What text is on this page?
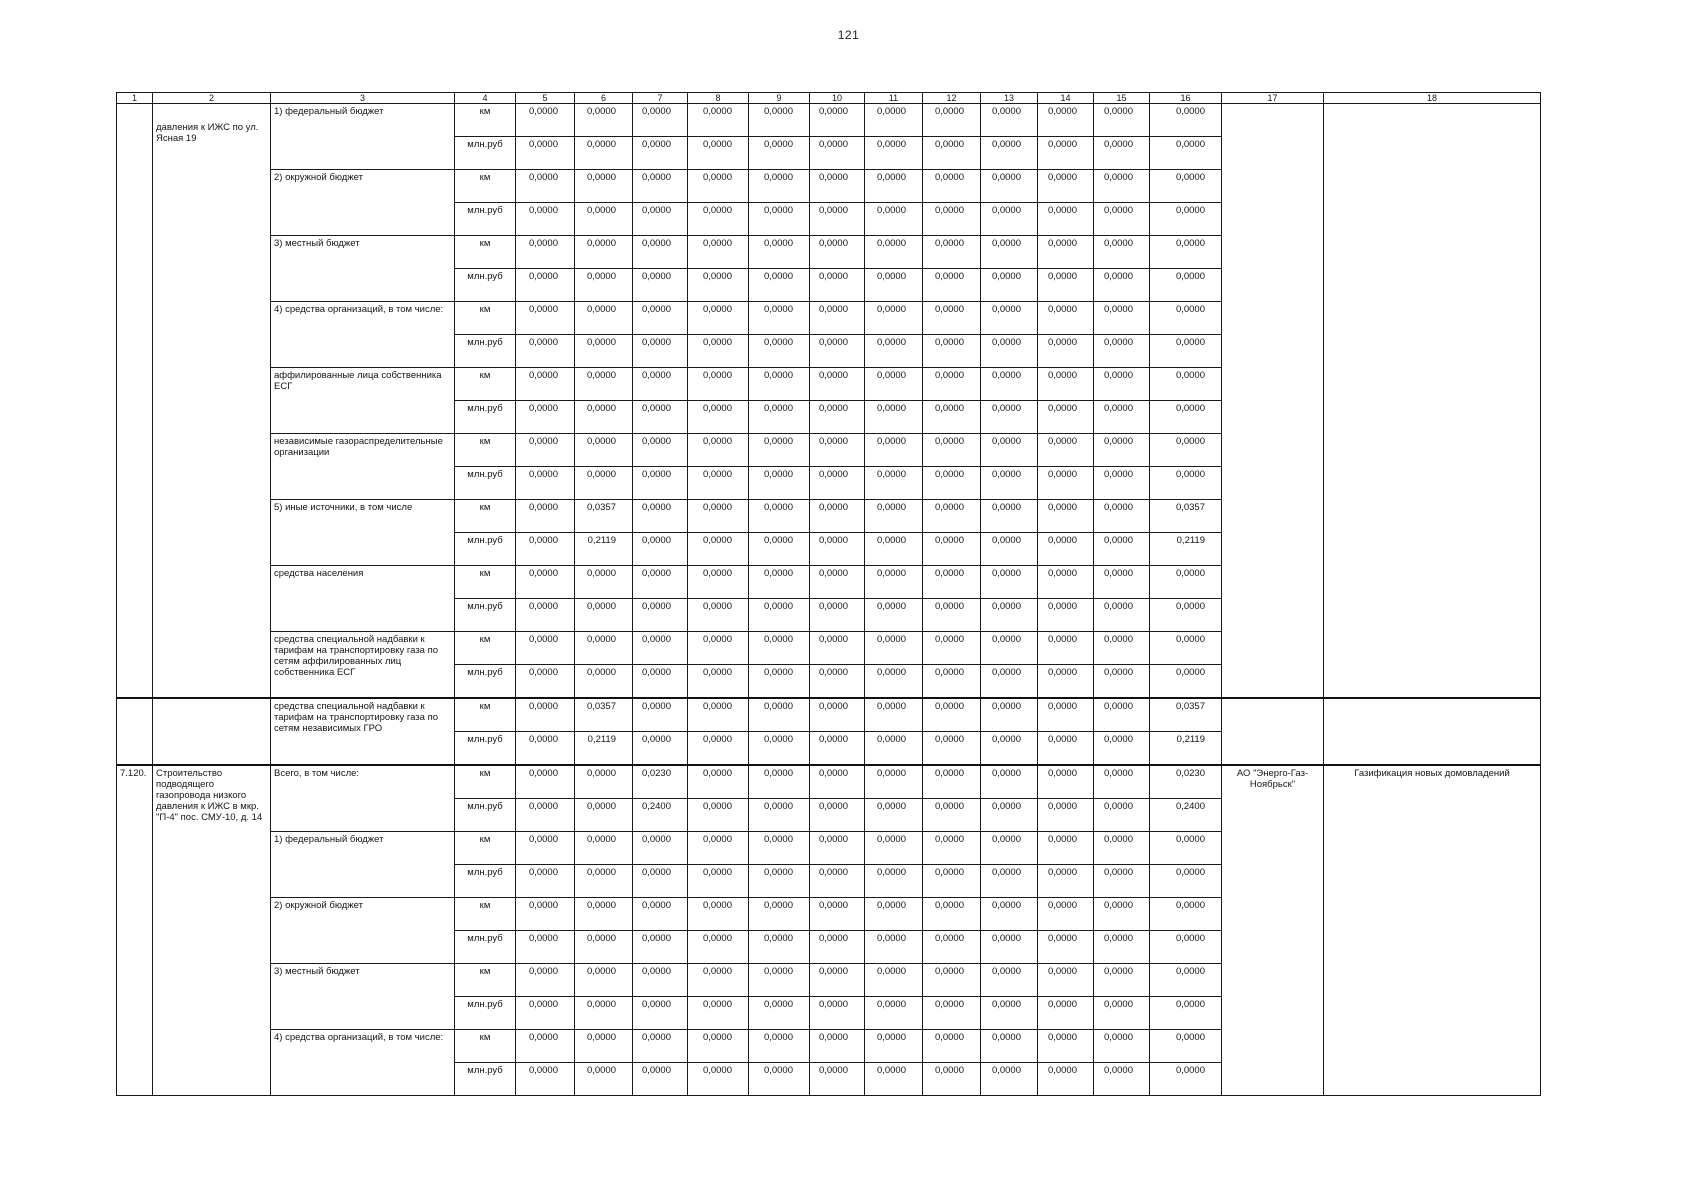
121
1	2	3	4	5	6	7	8	9	10	11	12	13	14	15	16	17	18
	давления к ИЖС по ул. Ясная 19	1) федеральный бюджет	км	0,0000	0,0000	0,0000	0,0000	0,0000	0,0000	0,0000	0,0000	0,0000	0,0000	0,0000	0,0000		
			млн.руб	0,0000	0,0000	0,0000	0,0000	0,0000	0,0000	0,0000	0,0000	0,0000	0,0000	0,0000	0,0000		
		2) окружной бюджет	км	0,0000	0,0000	0,0000	0,0000	0,0000	0,0000	0,0000	0,0000	0,0000	0,0000	0,0000	0,0000		
			млн.руб	0,0000	0,0000	0,0000	0,0000	0,0000	0,0000	0,0000	0,0000	0,0000	0,0000	0,0000	0,0000		
		3) местный бюджет	км	0,0000	0,0000	0,0000	0,0000	0,0000	0,0000	0,0000	0,0000	0,0000	0,0000	0,0000	0,0000		
			млн.руб	0,0000	0,0000	0,0000	0,0000	0,0000	0,0000	0,0000	0,0000	0,0000	0,0000	0,0000	0,0000		
		4) средства организаций, в том числе:	км	0,0000	0,0000	0,0000	0,0000	0,0000	0,0000	0,0000	0,0000	0,0000	0,0000	0,0000	0,0000		
			млн.руб	0,0000	0,0000	0,0000	0,0000	0,0000	0,0000	0,0000	0,0000	0,0000	0,0000	0,0000	0,0000		
		аффилированные лица собственника ЕСГ	км	0,0000	0,0000	0,0000	0,0000	0,0000	0,0000	0,0000	0,0000	0,0000	0,0000	0,0000	0,0000		
			млн.руб	0,0000	0,0000	0,0000	0,0000	0,0000	0,0000	0,0000	0,0000	0,0000	0,0000	0,0000	0,0000		
		независимые газораспределительные организации	км	0,0000	0,0000	0,0000	0,0000	0,0000	0,0000	0,0000	0,0000	0,0000	0,0000	0,0000	0,0000		
			млн.руб	0,0000	0,0000	0,0000	0,0000	0,0000	0,0000	0,0000	0,0000	0,0000	0,0000	0,0000	0,0000		
		5) иные источники, в том числе	км	0,0000	0,0357	0,0000	0,0000	0,0000	0,0000	0,0000	0,0000	0,0000	0,0000	0,0000	0,0357		
			млн.руб	0,0000	0,2119	0,0000	0,0000	0,0000	0,0000	0,0000	0,0000	0,0000	0,0000	0,0000	0,2119		
		средства населения	км	0,0000	0,0000	0,0000	0,0000	0,0000	0,0000	0,0000	0,0000	0,0000	0,0000	0,0000	0,0000		
			млн.руб	0,0000	0,0000	0,0000	0,0000	0,0000	0,0000	0,0000	0,0000	0,0000	0,0000	0,0000	0,0000		
		средства специальной надбавки к тарифам на транспортировку газа по сетям аффилированных лиц собственника ЕСГ	км	0,0000	0,0000	0,0000	0,0000	0,0000	0,0000	0,0000	0,0000	0,0000	0,0000	0,0000	0,0000		
			млн.руб	0,0000	0,0000	0,0000	0,0000	0,0000	0,0000	0,0000	0,0000	0,0000	0,0000	0,0000	0,0000		
		средства специальной надбавки к тарифам на транспортировку газа по сетям независимых ГРО	км	0,0000	0,0357	0,0000	0,0000	0,0000	0,0000	0,0000	0,0000	0,0000	0,0000	0,0000	0,0357		
			млн.руб	0,0000	0,2119	0,0000	0,0000	0,0000	0,0000	0,0000	0,0000	0,0000	0,0000	0,0000	0,2119		
7.120.	Строительство подводящего газопровода низкого давления к ИЖС в мкр. "П-4" пос. СМУ-10, д. 14	Всего, в том числе:	км	0,0000	0,0000	0,0230	0,0000	0,0000	0,0000	0,0000	0,0000	0,0000	0,0000	0,0000	0,0230	АО "Энерго-Газ-Ноябрьск"	Газификация новых домовладений
			млн.руб	0,0000	0,0000	0,2400	0,0000	0,0000	0,0000	0,0000	0,0000	0,0000	0,0000	0,0000	0,2400		
		1) федеральный бюджет	км	0,0000	0,0000	0,0000	0,0000	0,0000	0,0000	0,0000	0,0000	0,0000	0,0000	0,0000	0,0000		
			млн.руб	0,0000	0,0000	0,0000	0,0000	0,0000	0,0000	0,0000	0,0000	0,0000	0,0000	0,0000	0,0000		
		2) окружной бюджет	км	0,0000	0,0000	0,0000	0,0000	0,0000	0,0000	0,0000	0,0000	0,0000	0,0000	0,0000	0,0000		
			млн.руб	0,0000	0,0000	0,0000	0,0000	0,0000	0,0000	0,0000	0,0000	0,0000	0,0000	0,0000	0,0000		
		3) местный бюджет	км	0,0000	0,0000	0,0000	0,0000	0,0000	0,0000	0,0000	0,0000	0,0000	0,0000	0,0000	0,0000		
			млн.руб	0,0000	0,0000	0,0000	0,0000	0,0000	0,0000	0,0000	0,0000	0,0000	0,0000	0,0000	0,0000		
		4) средства организаций, в том числе:	км	0,0000	0,0000	0,0000	0,0000	0,0000	0,0000	0,0000	0,0000	0,0000	0,0000	0,0000	0,0000		
			млн.руб	0,0000	0,0000	0,0000	0,0000	0,0000	0,0000	0,0000	0,0000	0,0000	0,0000	0,0000	0,0000		
